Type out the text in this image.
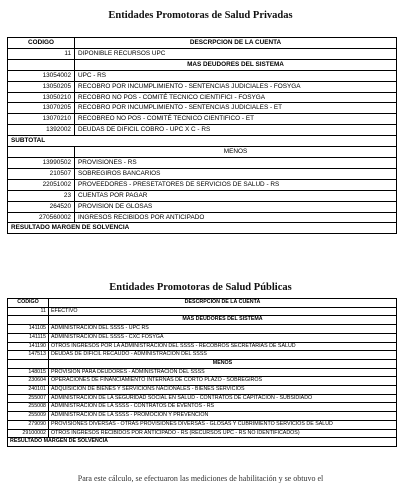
Entidades Promotoras de Salud Privadas
CODIGO	DESCRPCION DE LA CUENTA
11	DIPONIBLE RECURSOS UPC
	MAS DEUDORES DEL SISTEMA
13054002	UPC - RS
13050205	RECOBRO POR INCUMPLIMIENTO - SENTENCIAS JUDICIALES - FOSYGA
13050210	RECOBRO NO POS - COMITÉ TECNICO CIENTIFICI - FOSYGA
13070205	RECOBRO POR INCUMPLIMIENTO - SENTENCIAS JUDICIALES - ET
13070210	RECOBREO NO POS - COMITÉ TECNICO CIENTIFICO - ET
1392002	DEUDAS DE DIFICIL COBRO - UPC X C - RS
SUBTOTAL	
	MENOS
13990502	PROVISIONES - RS
210507	SOBREGIROS BANCARIOS
22051002	PROVEEDORES - PRESETATORES DE SERVICIOS DE SALUD - RS
23	CUENTAS POR PAGAR
264520	PROVISION DE GLOSAS
270560002	INGRESOS RECIBIDOS POR ANTICIPADO
RESULTADO MARGEN DE SOLVENCIA	
Entidades Promotoras de Salud Públicas
CODIGO	DESCRPCION DE LA CUENTA
11	EFECTIVO
	MAS DEUDORES DEL SISTEMA
141105	ADMINISTRACION DEL SSSS - UPC RS
141115	ADMINISTRACION DEL SSSS - CXC FOSYGA
141190	OTROS INGRESOS POR LA ADMINISTRACION DEL SSSS - RECOBROS SECRETARIAS DE SALUD
147513	DEUDAS DE DIFICIL RECAUDO - ADMINISTRACION DEL SSSS
	MENOS
148015	PROVISION PARA DEUDORES - ADMINISTRACION DEL SSSS
230604	OPERACIONES DE FINANCIAMIENTO INTERNAS DE CORTO PLAZO - SOBREGIROS
240101	ADQUISICION DE BIENES Y SERVICIONS NACIONALES - BIENES SERVICIOS
255007	ADMINISTRACION DE LA SEGURIDAD SOCIAL EN SALUD - CONTRATOS DE CAPITACION - SUBSIDIADO
255008	ADMINISTRACION DE LA SSSS - CONTRATOS DE EVENTOS - RS
255009	ADMINISTRACION DE LA SSSS - PROMOCION Y PREVENCION
279090	PROVISIONES DIVERSAS - OTRAS PROVISIONES DIVERSAS - GLOSAS Y CUBRIMIENTO SERVICIOS DE SALUD
29100002	OTROS INGRESOS RECIBIDOS POR ANTICIPADO - RS (RECURSOS UPC - RS NO IDENTIFICADOS)
RESULTADO MARGEN DE SOLVENCIA	
Para este cálculo, se efectuaron las mediciones de habilitación y se obtuvo el
